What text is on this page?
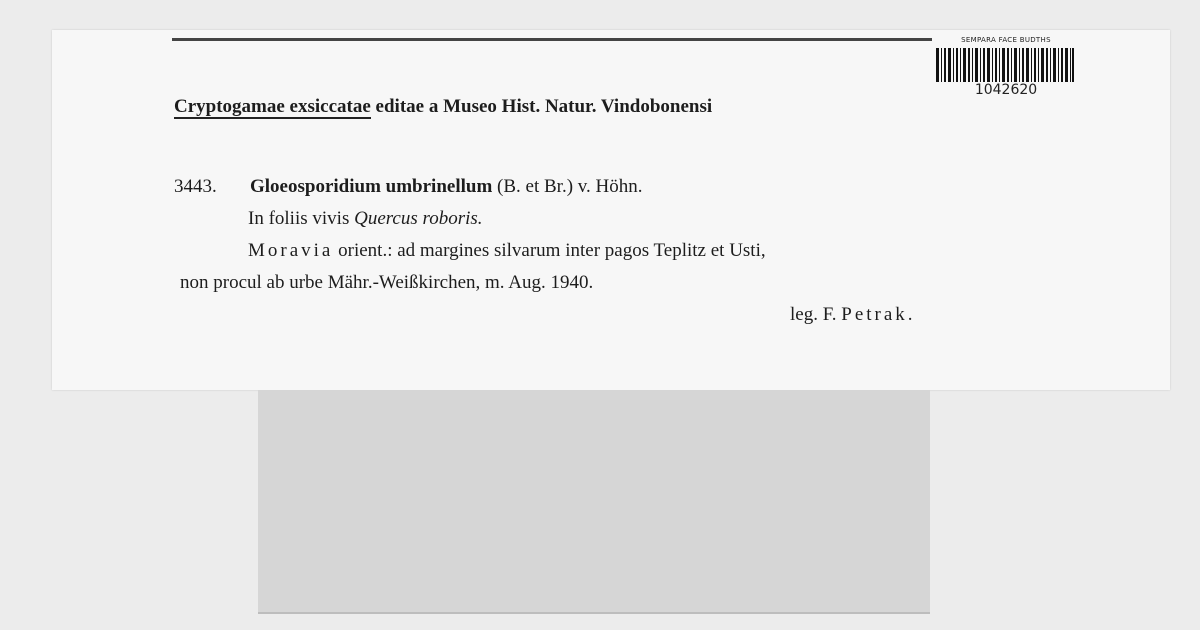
SEMPARA FACE BUDTHS
1042620
Cryptogamae exsiccatae editae a Museo Hist. Natur. Vindobonensi
3443. Gloeosporidium umbrinellum (B. et Br.) v. Höhn.
In foliis vivis Quercus roboris.
Moravia orient.: ad margines silvarum inter pagos Teplitz et Usti,
non procul ab urbe Mähr.-Weißkirchen, m. Aug. 1940.
leg. F. Petrak.
